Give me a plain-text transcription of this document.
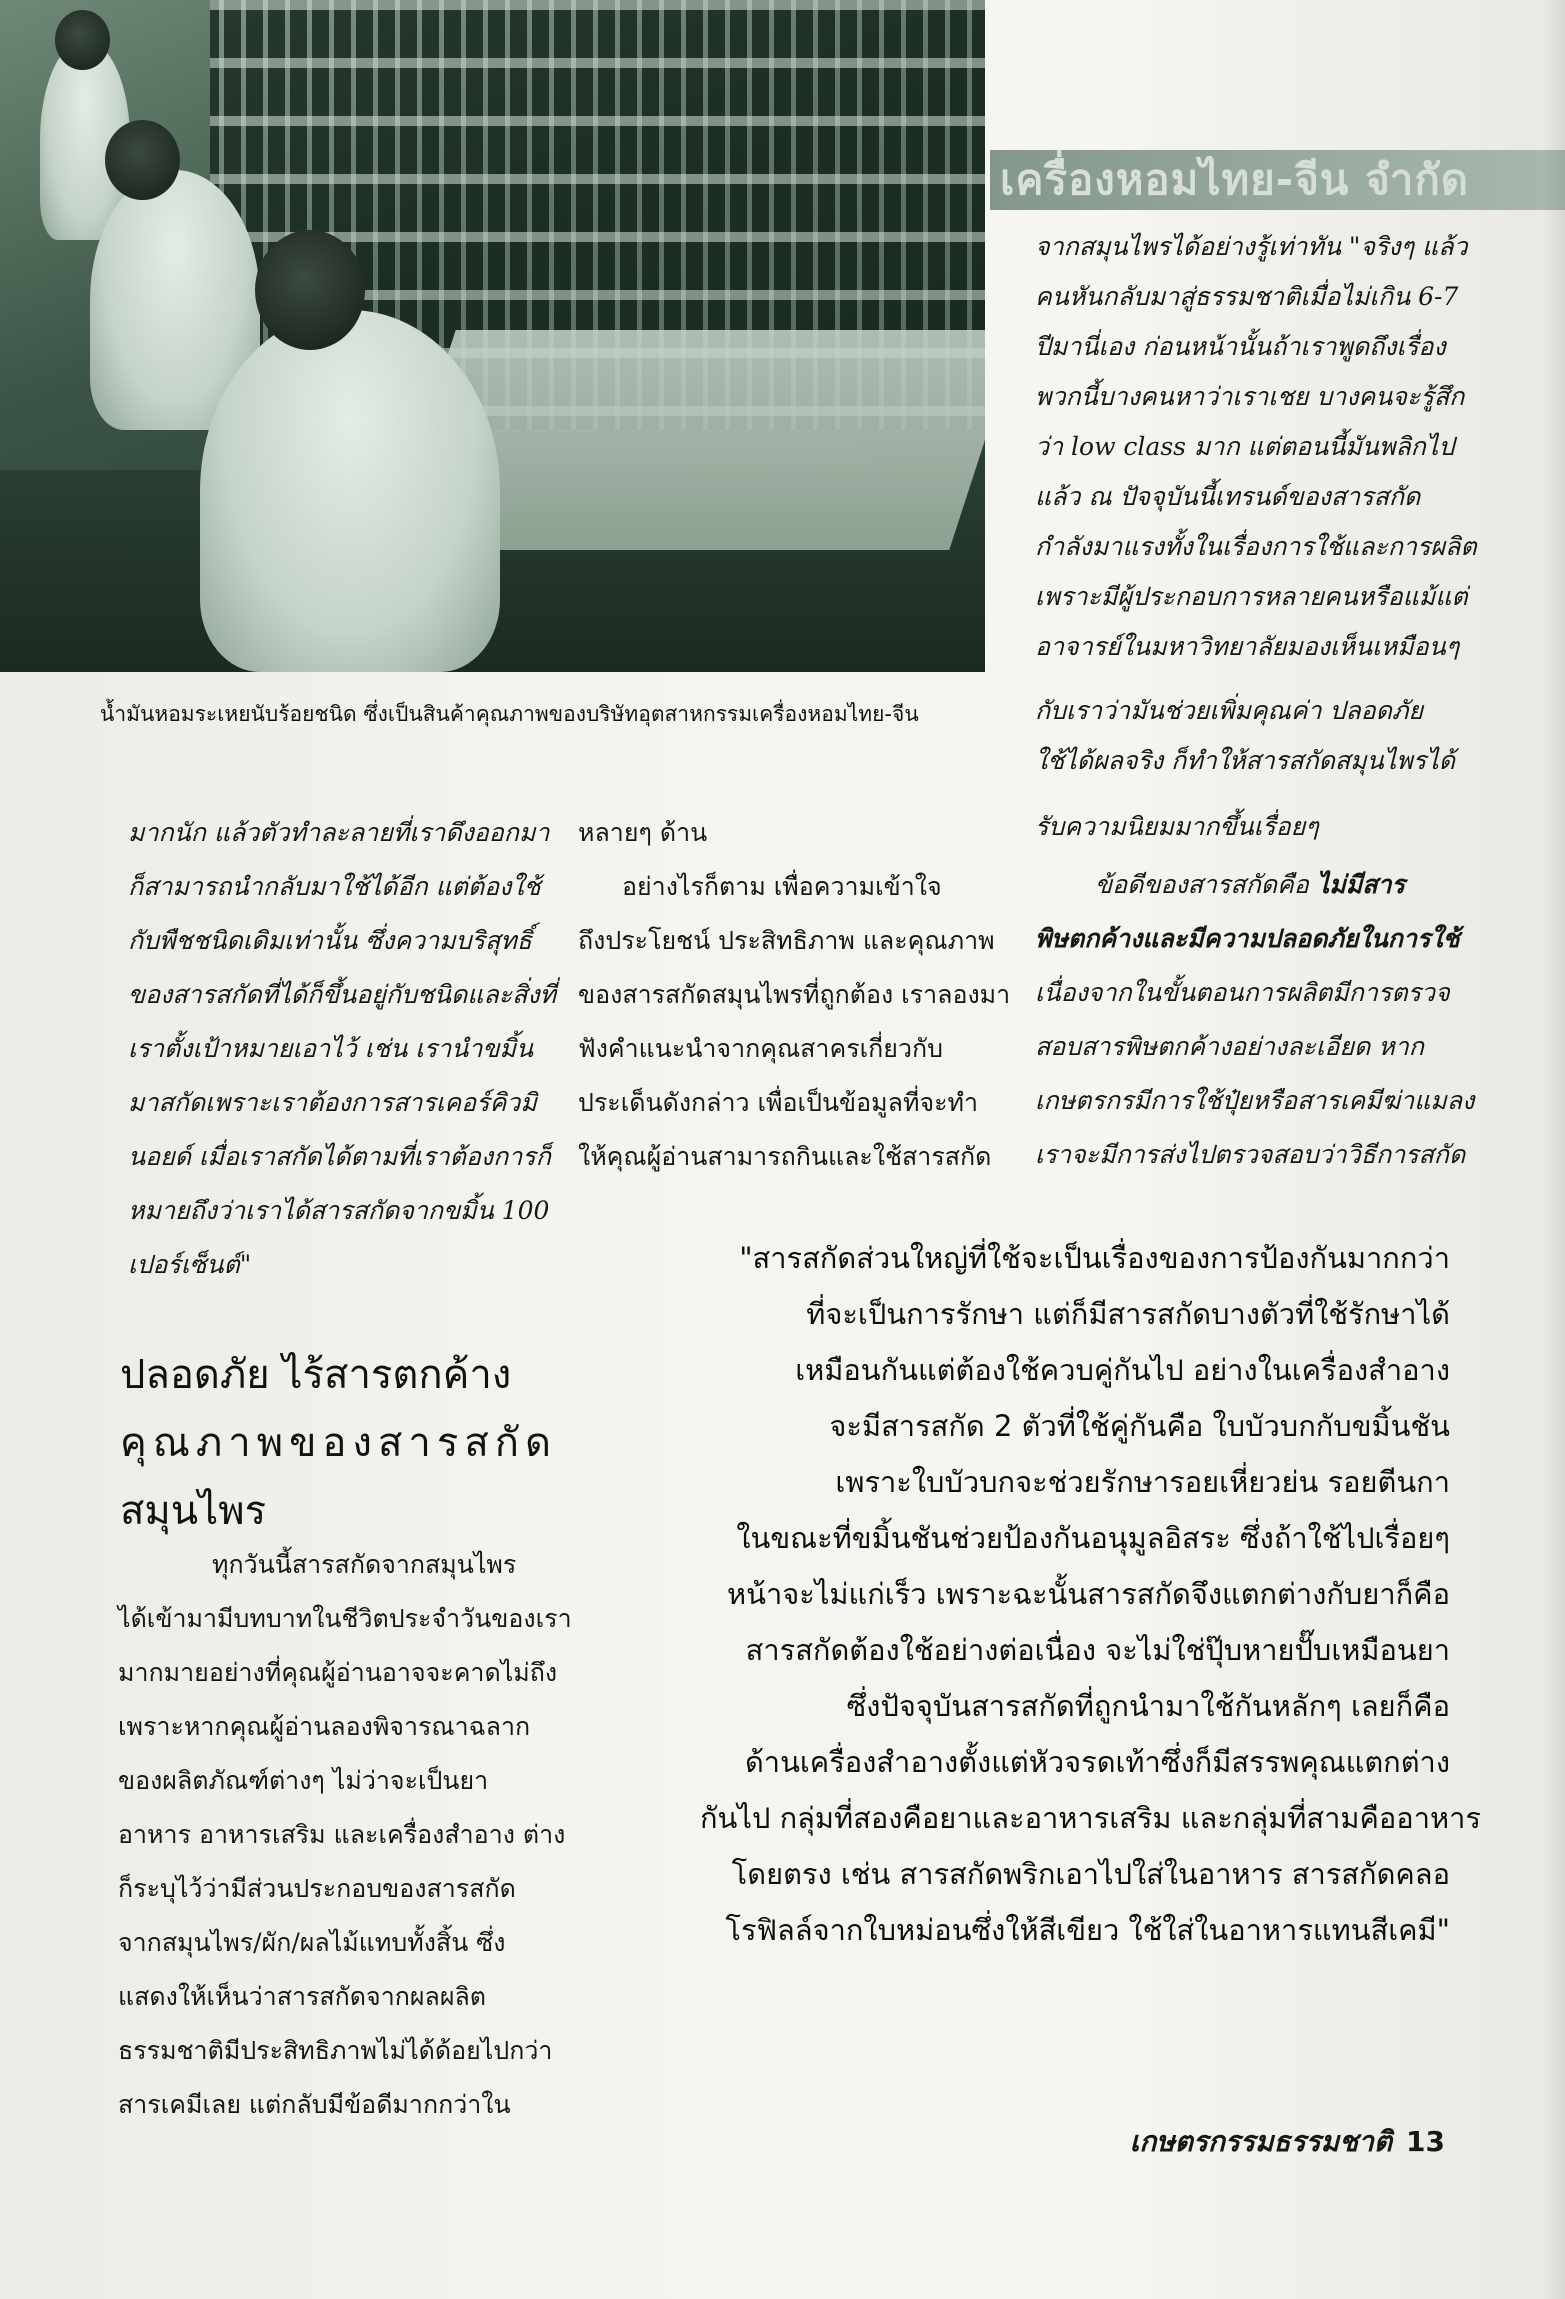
เครื่องหอมไทย-จีน จำกัด
น้ำมันหอมระเหยนับร้อยชนิด ซึ่งเป็นสินค้าคุณภาพของบริษัทอุตสาหกรรมเครื่องหอมไทย-จีน
จากสมุนไพรได้อย่างรู้เท่าทัน "จริงๆ แล้ว
คนหันกลับมาสู่ธรรมชาติเมื่อไม่เกิน 6-7
ปีมานี่เอง ก่อนหน้านั้นถ้าเราพูดถึงเรื่อง
พวกนี้บางคนหาว่าเราเชย บางคนจะรู้สึก
ว่า low class มาก แต่ตอนนี้มันพลิกไป
แล้ว ณ ปัจจุบันนี้เทรนด์ของสารสกัด
กำลังมาแรงทั้งในเรื่องการใช้และการผลิต
เพราะมีผู้ประกอบการหลายคนหรือแม้แต่
อาจารย์ในมหาวิทยาลัยมองเห็นเหมือนๆ
กับเราว่ามันช่วยเพิ่มคุณค่า ปลอดภัย
ใช้ได้ผลจริง ก็ทำให้สารสกัดสมุนไพรได้
รับความนิยมมากขึ้นเรื่อยๆ
ข้อดีของสารสกัดคือ ไม่มีสาร
พิษตกค้างและมีความปลอดภัยในการใช้
เนื่องจากในขั้นตอนการผลิตมีการตรวจ
สอบสารพิษตกค้างอย่างละเอียด หาก
เกษตรกรมีการใช้ปุ๋ยหรือสารเคมีฆ่าแมลง
เราจะมีการส่งไปตรวจสอบว่าวิธีการสกัด
มากนัก แล้วตัวทำละลายที่เราดึงออกมา
ก็สามารถนำกลับมาใช้ได้อีก แต่ต้องใช้
กับพืชชนิดเดิมเท่านั้น ซึ่งความบริสุทธิ์
ของสารสกัดที่ได้ก็ขึ้นอยู่กับชนิดและสิ่งที่
เราตั้งเป้าหมายเอาไว้ เช่น เรานำขมิ้น
มาสกัดเพราะเราต้องการสารเคอร์คิวมิ
นอยด์ เมื่อเราสกัดได้ตามที่เราต้องการก็
หมายถึงว่าเราได้สารสกัดจากขมิ้น 100
เปอร์เซ็นต์"
ปลอดภัย ไร้สารตกค้าง
คุณภาพของสารสกัด
สมุนไพร
ทุกวันนี้สารสกัดจากสมุนไพร
ได้เข้ามามีบทบาทในชีวิตประจำวันของเรา
มากมายอย่างที่คุณผู้อ่านอาจจะคาดไม่ถึง
เพราะหากคุณผู้อ่านลองพิจารณาฉลาก
ของผลิตภัณฑ์ต่างๆ ไม่ว่าจะเป็นยา
อาหาร อาหารเสริม และเครื่องสำอาง ต่าง
ก็ระบุไว้ว่ามีส่วนประกอบของสารสกัด
จากสมุนไพร/ผัก/ผลไม้แทบทั้งสิ้น ซึ่ง
แสดงให้เห็นว่าสารสกัดจากผลผลิต
ธรรมชาติมีประสิทธิภาพไม่ได้ด้อยไปกว่า
สารเคมีเลย แต่กลับมีข้อดีมากกว่าใน
หลายๆ ด้าน
อย่างไรก็ตาม เพื่อความเข้าใจ
ถึงประโยชน์ ประสิทธิภาพ และคุณภาพ
ของสารสกัดสมุนไพรที่ถูกต้อง เราลองมา
ฟังคำแนะนำจากคุณสาครเกี่ยวกับ
ประเด็นดังกล่าว เพื่อเป็นข้อมูลที่จะทำ
ให้คุณผู้อ่านสามารถกินและใช้สารสกัด
"สารสกัดส่วนใหญ่ที่ใช้จะเป็นเรื่องของการป้องกันมากกว่า
ที่จะเป็นการรักษา แต่ก็มีสารสกัดบางตัวที่ใช้รักษาได้
เหมือนกันแต่ต้องใช้ควบคู่กันไป อย่างในเครื่องสำอาง
จะมีสารสกัด 2 ตัวที่ใช้คู่กันคือ ใบบัวบกกับขมิ้นชัน
เพราะใบบัวบกจะช่วยรักษารอยเหี่ยวย่น รอยตีนกา
ในขณะที่ขมิ้นชันช่วยป้องกันอนุมูลอิสระ ซึ่งถ้าใช้ไปเรื่อยๆ
หน้าจะไม่แก่เร็ว เพราะฉะนั้นสารสกัดจึงแตกต่างกับยาก็คือ
สารสกัดต้องใช้อย่างต่อเนื่อง จะไม่ใช่ปุ๊บหายปั๊บเหมือนยา
ซึ่งปัจจุบันสารสกัดที่ถูกนำมาใช้กันหลักๆ เลยก็คือ
ด้านเครื่องสำอางตั้งแต่หัวจรดเท้าซึ่งก็มีสรรพคุณแตกต่าง
กันไป กลุ่มที่สองคือยาและอาหารเสริม และกลุ่มที่สามคืออาหาร
โดยตรง เช่น สารสกัดพริกเอาไปใส่ในอาหาร สารสกัดคลอ
โรฟิลล์จากใบหม่อนซึ่งให้สีเขียว ใช้ใส่ในอาหารแทนสีเคมี"
เกษตรกรรมธรรมชาติ 13
